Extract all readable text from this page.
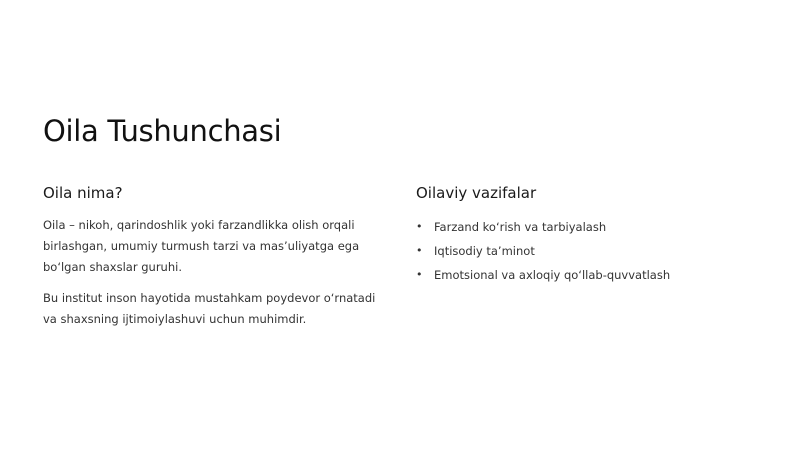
Oila Tushunchasi
Oila nima?

Oila – nikoh, qarindoshlik yoki farzandlikka olish orqali birlashgan, umumiy turmush tarzi va mas’uliyatga ega bo‘lgan shaxslar guruhi.

Bu institut inson hayotida mustahkam poydevor o‘rnatadi va shaxsning ijtimoiylashuvi uchun muhimdir.

Oilaviy vazifalar
• Farzand ko‘rish va tarbiyalash
• Iqtisodiy ta’minot
• Emotsional va axloqiy qo‘llab-quvvatlash
